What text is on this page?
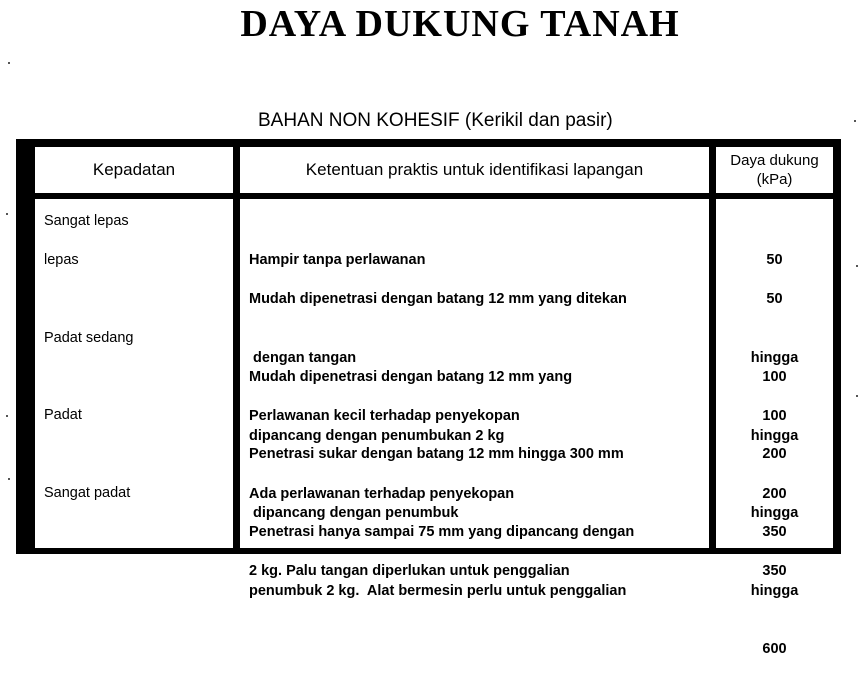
DAYA DUKUNG TANAH
BAHAN NON KOHESIF (Kerikil dan pasir)
Kepadatan	Ketentuan praktis untuk identifikasi lapangan	Daya dukung
(kPa)

Sangat lepas

lepas

Padat sedang

Padat

Sangat padat

Hampir tanpa perlawanan

Mudah dipenetrasi dengan batang 12 mm yang ditekan

dengan tangan

Perlawanan kecil terhadap penyekopan

Mudah dipenetrasi dengan batang 12 mm yang

dipancang dengan penumbukan 2 kg

Ada perlawanan terhadap penyekopan

Penetrasi sukar dengan batang 12 mm hingga 300 mm

dipancang dengan penumbuk

2 kg. Palu tangan diperlukan untuk penggalian

Penetrasi hanya sampai 75 mm yang dipancang dengan

penumbuk 2 kg.  Alat bermesin perlu untuk penggalian

50

50

hingga

100

100

hingga

200

200

hingga

350

350

hingga

600
